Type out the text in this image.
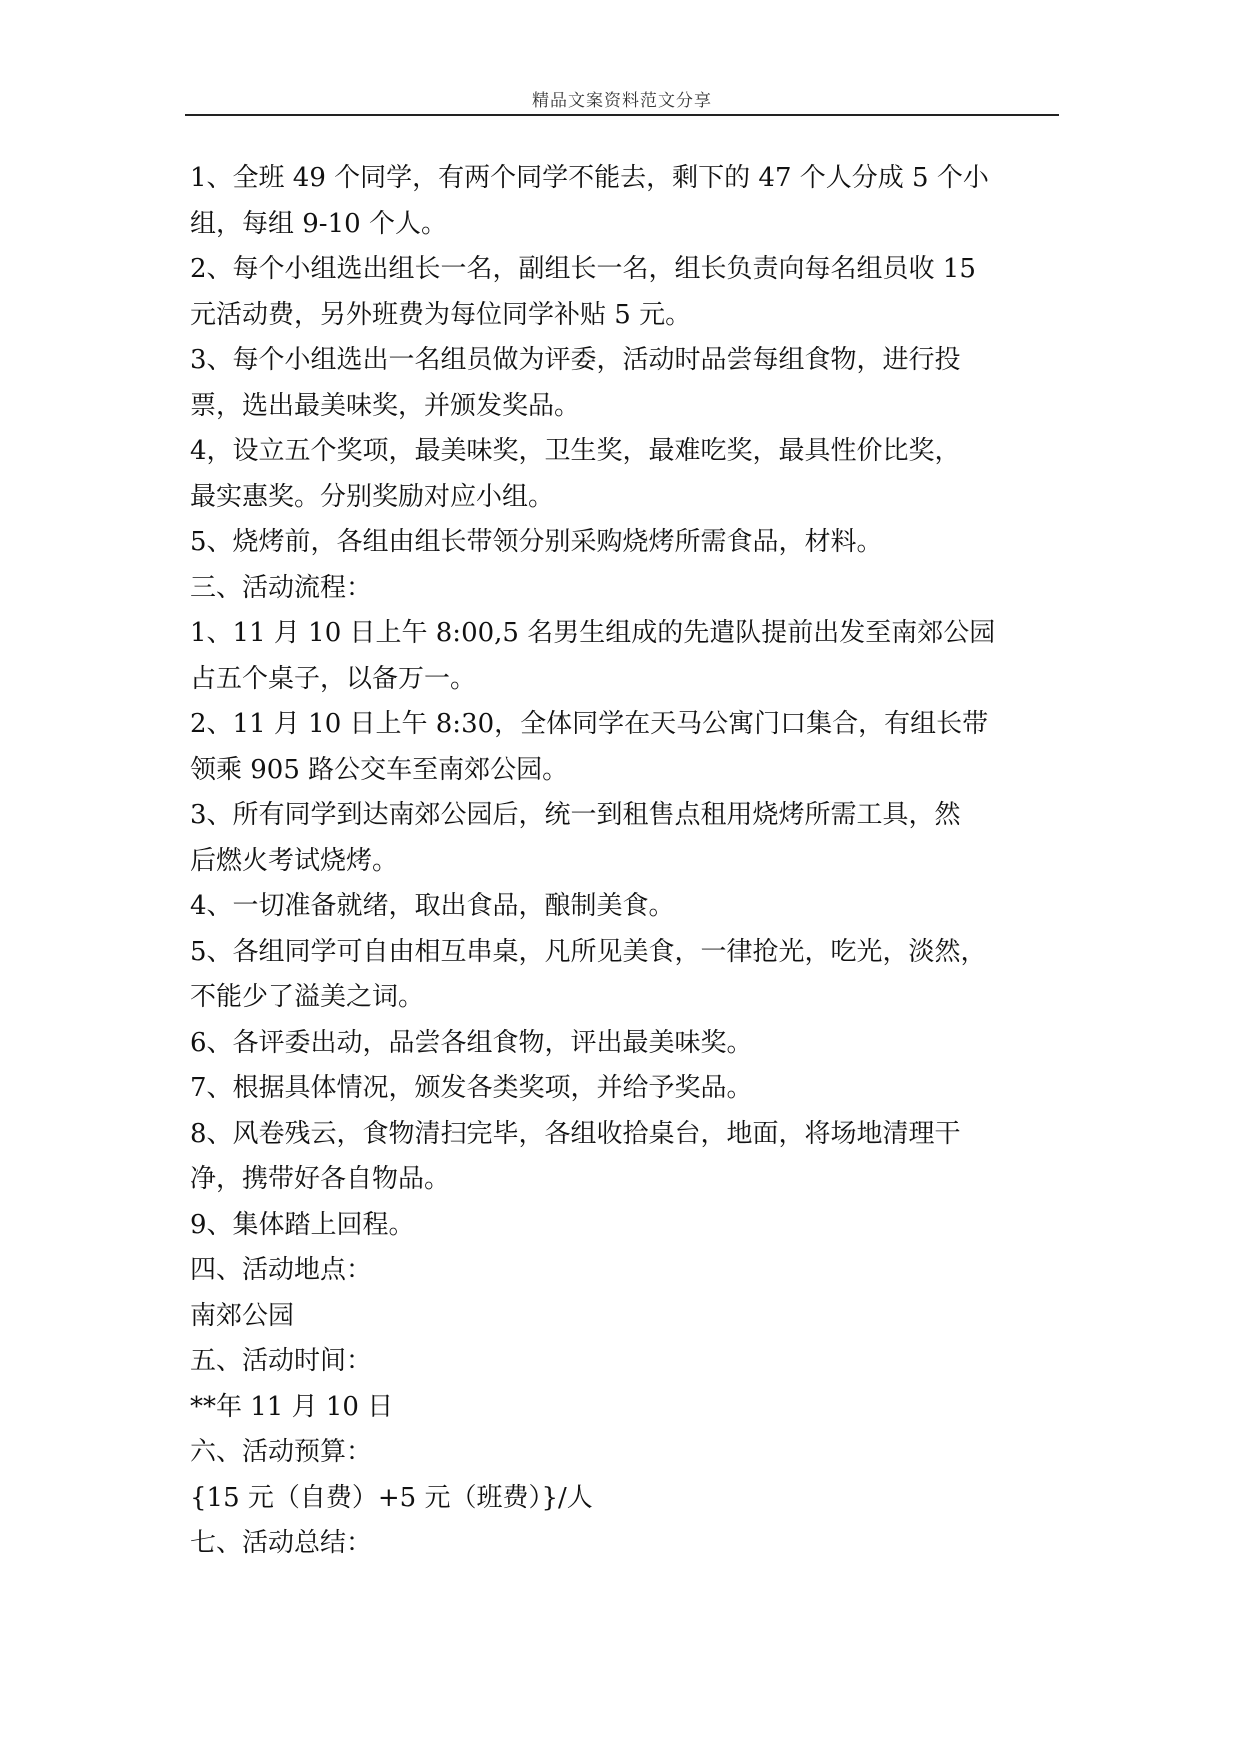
精品文案资料范文分享
1、全班 49 个同学，有两个同学不能去，剩下的 47 个人分成 5 个小
组，每组 9-10 个人。
2、每个小组选出组长一名，副组长一名，组长负责向每名组员收 15
元活动费，另外班费为每位同学补贴 5 元。
3、每个小组选出一名组员做为评委，活动时品尝每组食物，进行投
票，选出最美味奖，并颁发奖品。
4，设立五个奖项，最美味奖，卫生奖，最难吃奖，最具性价比奖，
最实惠奖。分别奖励对应小组。
5、烧烤前，各组由组长带领分别采购烧烤所需食品，材料。
三、活动流程：
1、11 月 10 日上午 8:00,5 名男生组成的先遣队提前出发至南郊公园
占五个桌子，以备万一。
2、11 月 10 日上午 8:30，全体同学在天马公寓门口集合，有组长带
领乘 905 路公交车至南郊公园。
3、所有同学到达南郊公园后，统一到租售点租用烧烤所需工具，然
后燃火考试烧烤。
4、一切准备就绪，取出食品，酿制美食。
5、各组同学可自由相互串桌，凡所见美食，一律抢光，吃光，淡然，
不能少了溢美之词。
6、各评委出动，品尝各组食物，评出最美味奖。
7、根据具体情况，颁发各类奖项，并给予奖品。
8、风卷残云，食物清扫完毕，各组收拾桌台，地面，将场地清理干
净，携带好各自物品。
9、集体踏上回程。
四、活动地点：
南郊公园
五、活动时间：
**年 11 月 10 日
六、活动预算：
{15 元（自费）+5 元（班费）}/人
七、活动总结：
